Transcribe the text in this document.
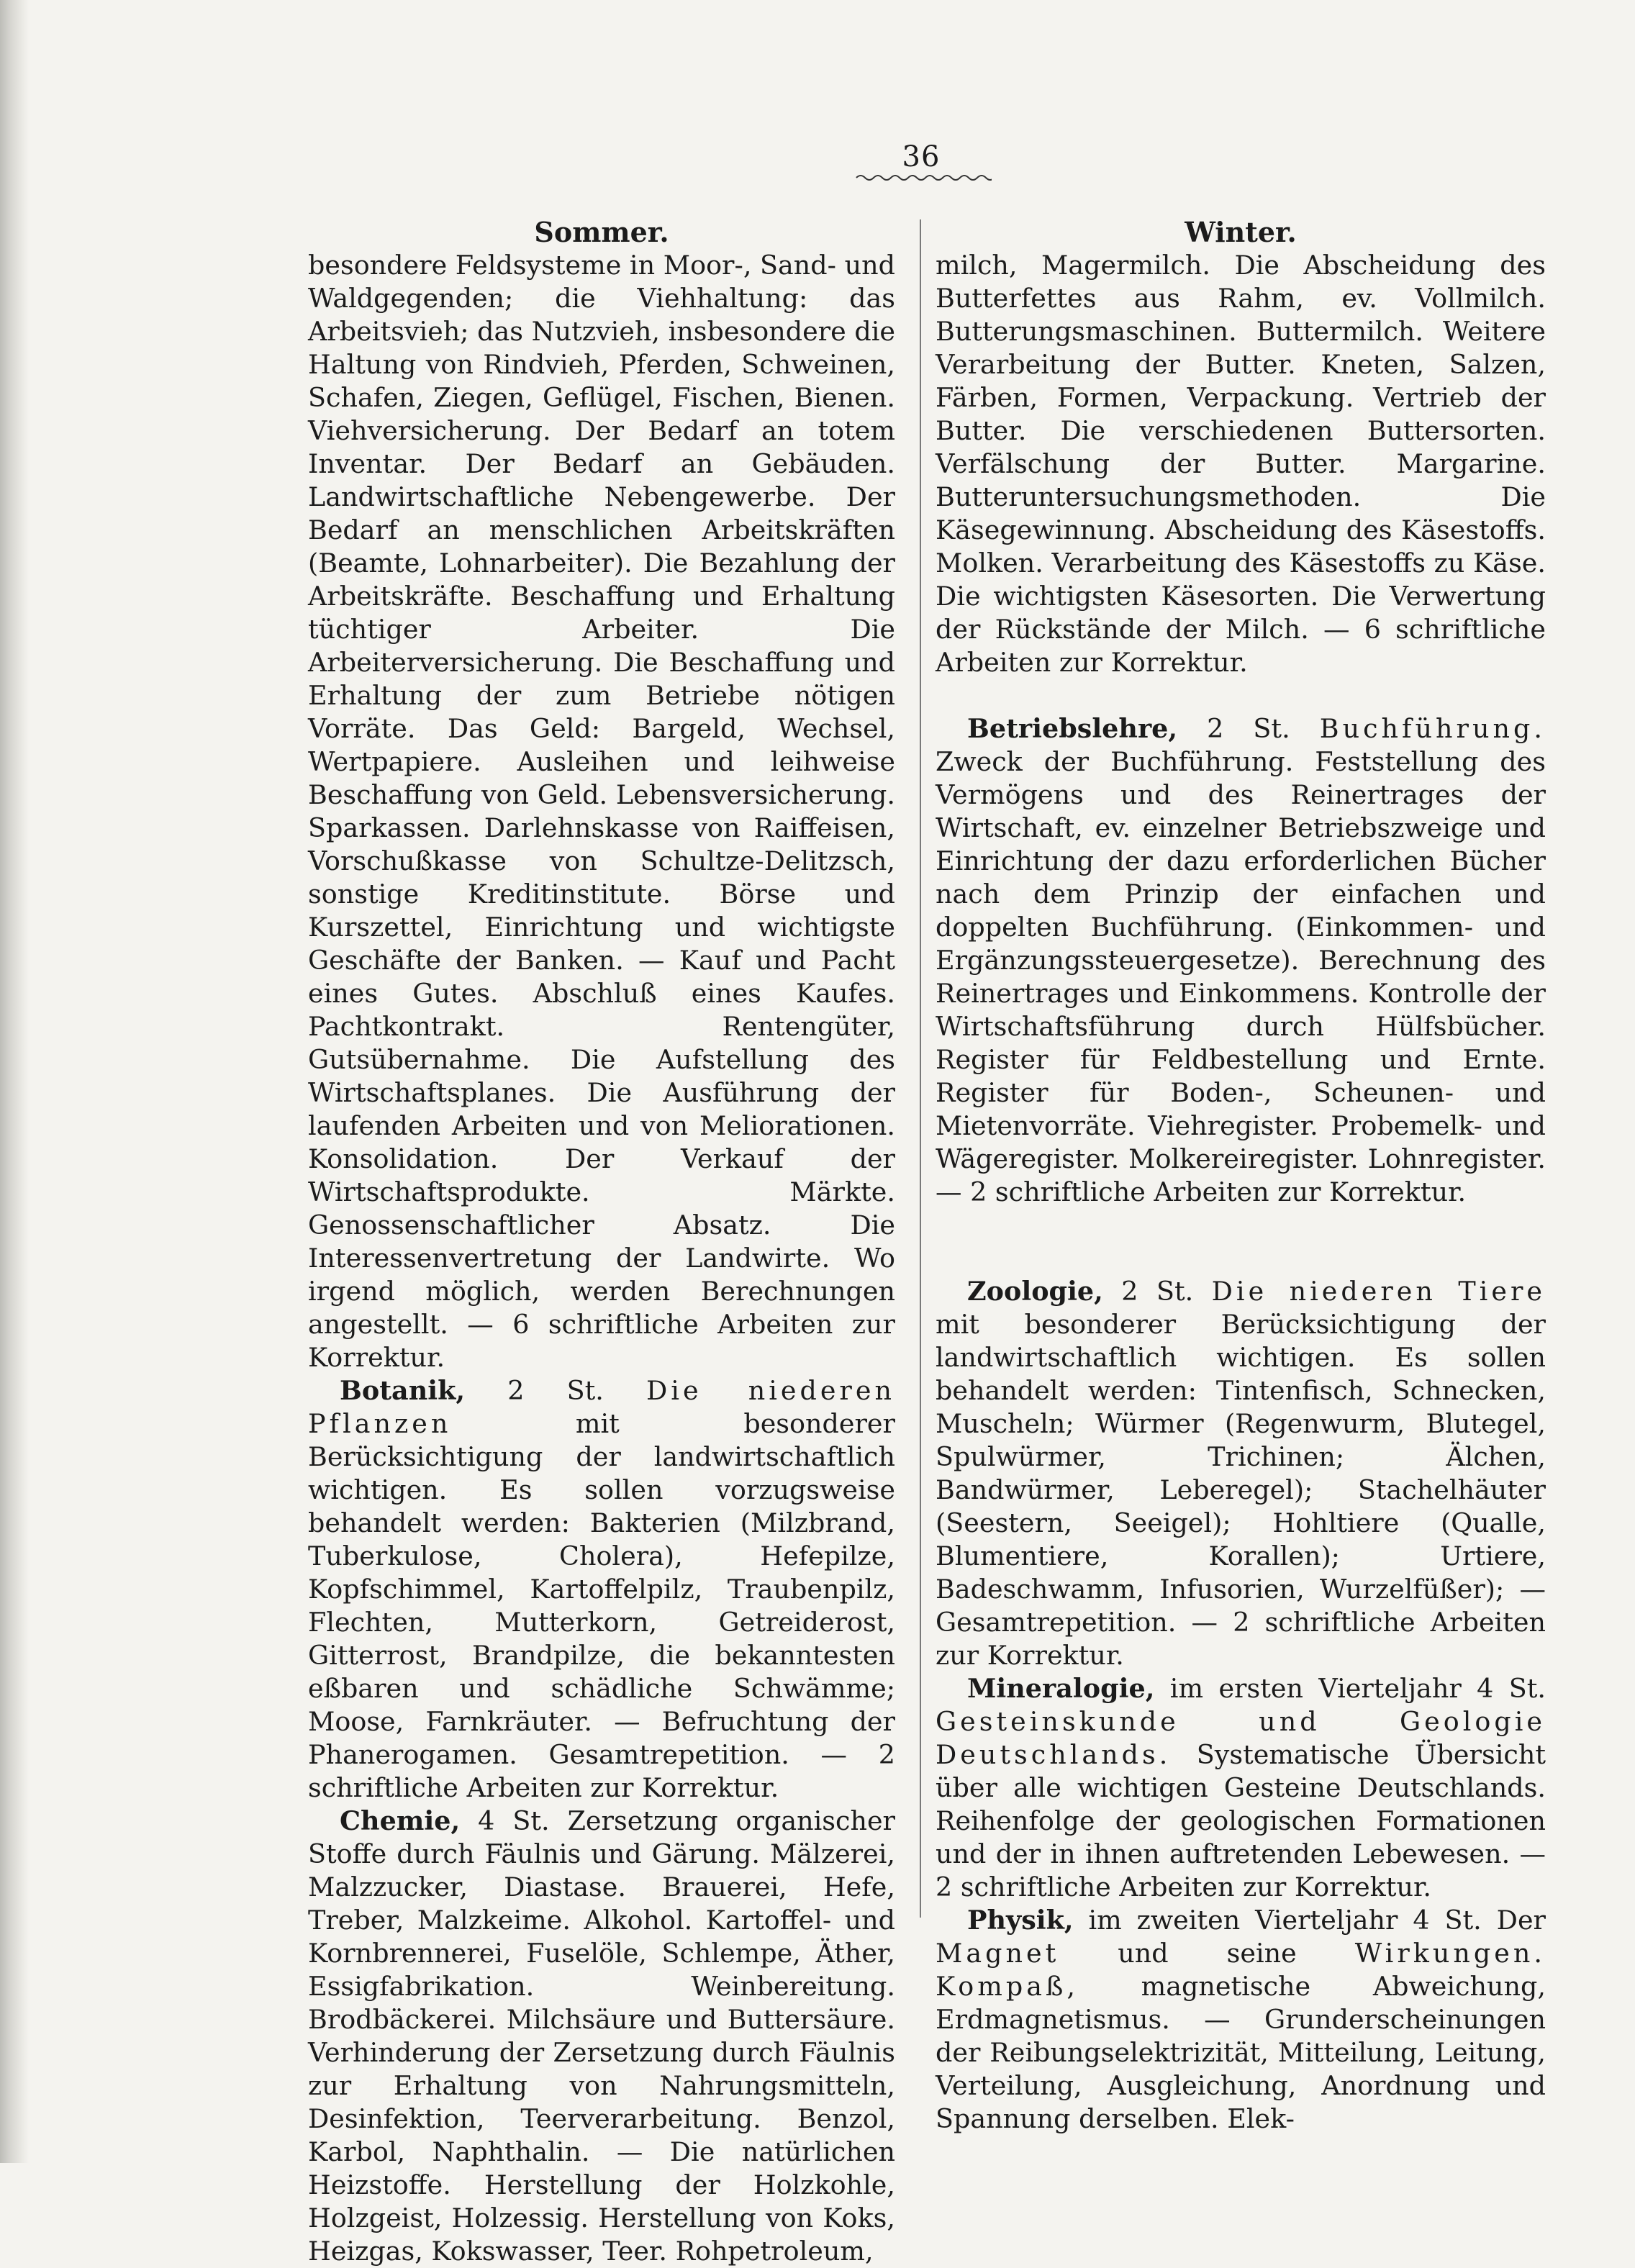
36
Sommer.

besondere Feldsysteme in Moor-, Sand- und Waldgegenden; die Viehhaltung: das Arbeitsvieh; das Nutzvieh, insbesondere die Haltung von Rindvieh, Pferden, Schweinen, Schafen, Ziegen, Geflügel, Fischen, Bienen. Viehversicherung. Der Bedarf an totem Inventar. Der Bedarf an Gebäuden. Landwirtschaftliche Nebengewerbe. Der Bedarf an menschlichen Arbeitskräften (Beamte, Lohnarbeiter). Die Bezahlung der Arbeitskräfte. Beschaffung und Erhaltung tüchtiger Arbeiter. Die Arbeiterversicherung. Die Beschaffung und Erhaltung der zum Betriebe nötigen Vorräte. Das Geld: Bargeld, Wechsel, Wertpapiere. Ausleihen und leihweise Beschaffung von Geld. Lebensversicherung. Sparkassen. Darlehnskasse von Raiffeisen, Vorschußkasse von Schultze-Delitzsch, sonstige Kreditinstitute. Börse und Kurszettel, Einrichtung und wichtigste Geschäfte der Banken. — Kauf und Pacht eines Gutes. Abschluß eines Kaufes. Pachtkontrakt. Rentengüter, Gutsübernahme. Die Aufstellung des Wirtschaftsplanes. Die Ausführung der laufenden Arbeiten und von Meliorationen. Konsolidation. Der Verkauf der Wirtschaftsprodukte. Märkte. Genossenschaftlicher Absatz. Die Interessenvertretung der Landwirte. Wo irgend möglich, werden Berechnungen angestellt. — 6 schriftliche Arbeiten zur Korrektur.

Botanik, 2 St. Die niederen Pflanzen mit besonderer Berücksichtigung der landwirtschaftlich wichtigen. Es sollen vorzugsweise behandelt werden: Bakterien (Milzbrand, Tuberkulose, Cholera), Hefepilze, Kopfschimmel, Kartoffelpilz, Traubenpilz, Flechten, Mutterkorn, Getreiderost, Gitterrost, Brandpilze, die bekanntesten eßbaren und schädliche Schwämme; Moose, Farnkräuter. — Befruchtung der Phanerogamen. Gesamtrepetition. — 2 schriftliche Arbeiten zur Korrektur.

Chemie, 4 St. Zersetzung organischer Stoffe durch Fäulnis und Gärung. Mälzerei, Malzzucker, Diastase. Brauerei, Hefe, Treber, Malzkeime. Alkohol. Kartoffel- und Kornbrennerei, Fuselöle, Schlempe, Äther, Essigfabrikation. Weinbereitung. Brodbäckerei. Milchsäure und Buttersäure. Verhinderung der Zersetzung durch Fäulnis zur Erhaltung von Nahrungsmitteln, Desinfektion, Teerverarbeitung. Benzol, Karbol, Naphthalin. — Die natürlichen Heizstoffe. Herstellung der Holzkohle, Holzgeist, Holzessig. Herstellung von Koks, Heizgas, Kokswasser, Teer. Rohpetroleum,

Winter.

milch, Magermilch. Die Abscheidung des Butterfettes aus Rahm, ev. Vollmilch. Butterungsmaschinen. Buttermilch. Weitere Verarbeitung der Butter. Kneten, Salzen, Färben, Formen, Verpackung. Vertrieb der Butter. Die verschiedenen Buttersorten. Verfälschung der Butter. Margarine. Butteruntersuchungsmethoden. Die Käsegewinnung. Abscheidung des Käsestoffs. Molken. Verarbeitung des Käsestoffs zu Käse. Die wichtigsten Käsesorten. Die Verwertung der Rückstände der Milch. — 6 schriftliche Arbeiten zur Korrektur.

Betriebslehre, 2 St. Buchführung. Zweck der Buchführung. Feststellung des Vermögens und des Reinertrages der Wirtschaft, ev. einzelner Betriebszweige und Einrichtung der dazu erforderlichen Bücher nach dem Prinzip der einfachen und doppelten Buchführung. (Einkommen- und Ergänzungssteuergesetze). Berechnung des Reinertrages und Einkommens. Kontrolle der Wirtschaftsführung durch Hülfsbücher. Register für Feldbestellung und Ernte. Register für Boden-, Scheunen- und Mietenvorräte. Viehregister. Probemelk- und Wägeregister. Molkereiregister. Lohnregister. — 2 schriftliche Arbeiten zur Korrektur.

Zoologie, 2 St. Die niederen Tiere mit besonderer Berücksichtigung der landwirtschaftlich wichtigen. Es sollen behandelt werden: Tintenfisch, Schnecken, Muscheln; Würmer (Regenwurm, Blutegel, Spulwürmer, Trichinen; Älchen, Bandwürmer, Leberegel); Stachelhäuter (Seestern, Seeigel); Hohltiere (Qualle, Blumentiere, Korallen); Urtiere, Badeschwamm, Infusorien, Wurzelfüßer); — Gesamtrepetition. — 2 schriftliche Arbeiten zur Korrektur.

Mineralogie, im ersten Vierteljahr 4 St. Gesteinskunde und Geologie Deutschlands. Systematische Übersicht über alle wichtigen Gesteine Deutschlands. Reihenfolge der geologischen Formationen und der in ihnen auftretenden Lebewesen. — 2 schriftliche Arbeiten zur Korrektur.

Physik, im zweiten Vierteljahr 4 St. Der Magnet und seine Wirkungen. Kompaß, magnetische Abweichung, Erdmagnetismus. — Grunderscheinungen der Reibungselektrizität, Mitteilung, Leitung, Verteilung, Ausgleichung, Anordnung und Spannung derselben. Elek-
